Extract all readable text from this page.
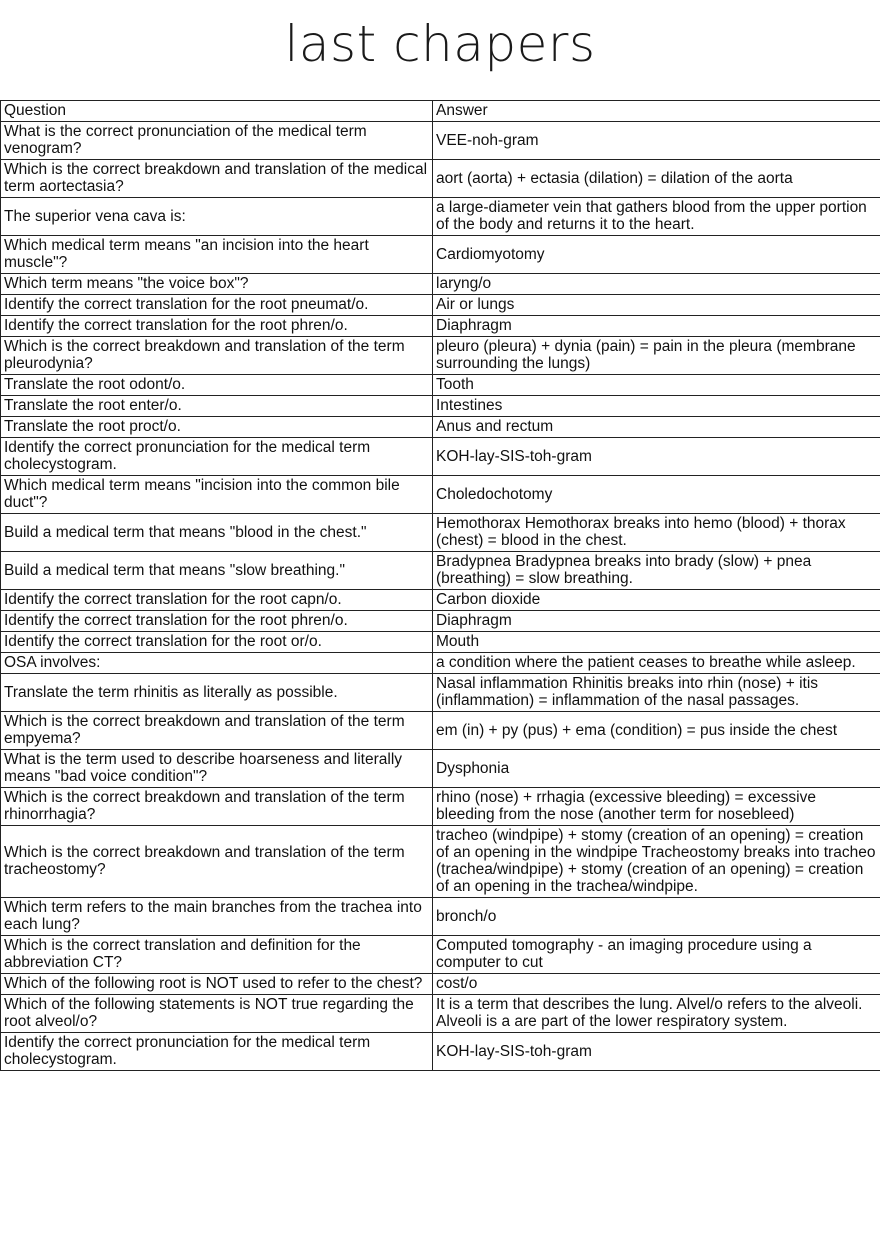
last chapers
Question	Answer
What is the correct pronunciation of the medical term venogram?	VEE-noh-gram
Which is the correct breakdown and translation of the medical term aortectasia?	aort (aorta) + ectasia (dilation) = dilation of the aorta
The superior vena cava is:	a large-diameter vein that gathers blood from the upper portion of the body and returns it to the heart.
Which medical term means "an incision into the heart muscle"?	Cardiomyotomy
Which term means "the voice box"?	laryng/o
Identify the correct translation for the root pneumat/o.	Air or lungs
Identify the correct translation for the root phren/o.	Diaphragm
Which is the correct breakdown and translation of the term pleurodynia?	pleuro (pleura) + dynia (pain) = pain in the pleura (membrane surrounding the lungs)
Translate the root odont/o.	Tooth
Translate the root enter/o.	Intestines
Translate the root proct/o.	Anus and rectum
Identify the correct pronunciation for the medical term cholecystogram.	KOH-lay-SIS-toh-gram
Which medical term means "incision into the common bile duct"?	Choledochotomy
Build a medical term that means "blood in the chest."	Hemothorax Hemothorax breaks into hemo (blood) + thorax (chest) = blood in the chest.
Build a medical term that means "slow breathing."	Bradypnea Bradypnea breaks into brady (slow) + pnea (breathing) = slow breathing.
Identify the correct translation for the root capn/o.	Carbon dioxide
Identify the correct translation for the root phren/o.	Diaphragm
Identify the correct translation for the root or/o.	Mouth
OSA involves:	a condition where the patient ceases to breathe while asleep.
Translate the term rhinitis as literally as possible.	Nasal inflammation Rhinitis breaks into rhin (nose) + itis (inflammation) = inflammation of the nasal passages.
Which is the correct breakdown and translation of the term empyema?	em (in) + py (pus) + ema (condition) = pus inside the chest
What is the term used to describe hoarseness and literally means "bad voice condition"?	Dysphonia
Which is the correct breakdown and translation of the term rhinorrhagia?	rhino (nose) + rrhagia (excessive bleeding) = excessive bleeding from the nose (another term for nosebleed)
Which is the correct breakdown and translation of the term tracheostomy?	tracheo (windpipe) + stomy (creation of an opening) = creation of an opening in the windpipe Tracheostomy breaks into tracheo (trachea/windpipe) + stomy (creation of an opening) = creation of an opening in the trachea/windpipe.
Which term refers to the main branches from the trachea into each lung?	bronch/o
Which is the correct translation and definition for the abbreviation CT?	Computed tomography - an imaging procedure using a computer to cut
Which of the following root is NOT used to refer to the chest?	cost/o
Which of the following statements is NOT true regarding the root alveol/o?	It is a term that describes the lung. Alvel/o refers to the alveoli. Alveoli is a are part of the lower respiratory system.
Identify the correct pronunciation for the medical term cholecystogram.	KOH-lay-SIS-toh-gram
